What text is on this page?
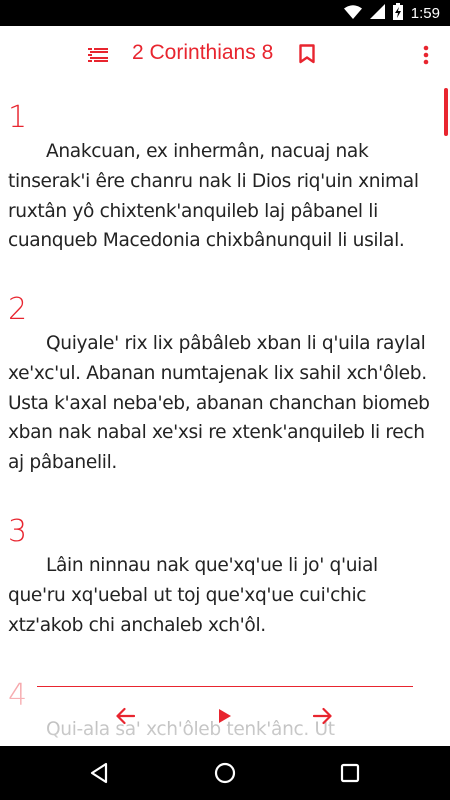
1:59
2 Corinthians 8
1
Anakcuan, ex inhermân, nacuaj nak tinserak'i êre chanru nak li Dios riq'uin xnimal ruxtân yô chixtenk'anquileb laj pâbanel li cuanqueb Macedonia chixbânunquil li usilal.
2
Quiyale' rix lix pâbâleb xban li q'uila raylal xe'xc'ul. Abanan numtajenak lix sahil xch'ôleb. Usta k'axal neba'eb, abanan chanchan biomeb xban nak nabal xe'xsi re xtenk'anquileb li rech aj pâbanelil.
3
Lâin ninnau nak que'xq'ue li jo' q'uial que'ru xq'uebal ut toj que'xq'ue cui'chic xtz'akob chi anchaleb xch'ôl.
